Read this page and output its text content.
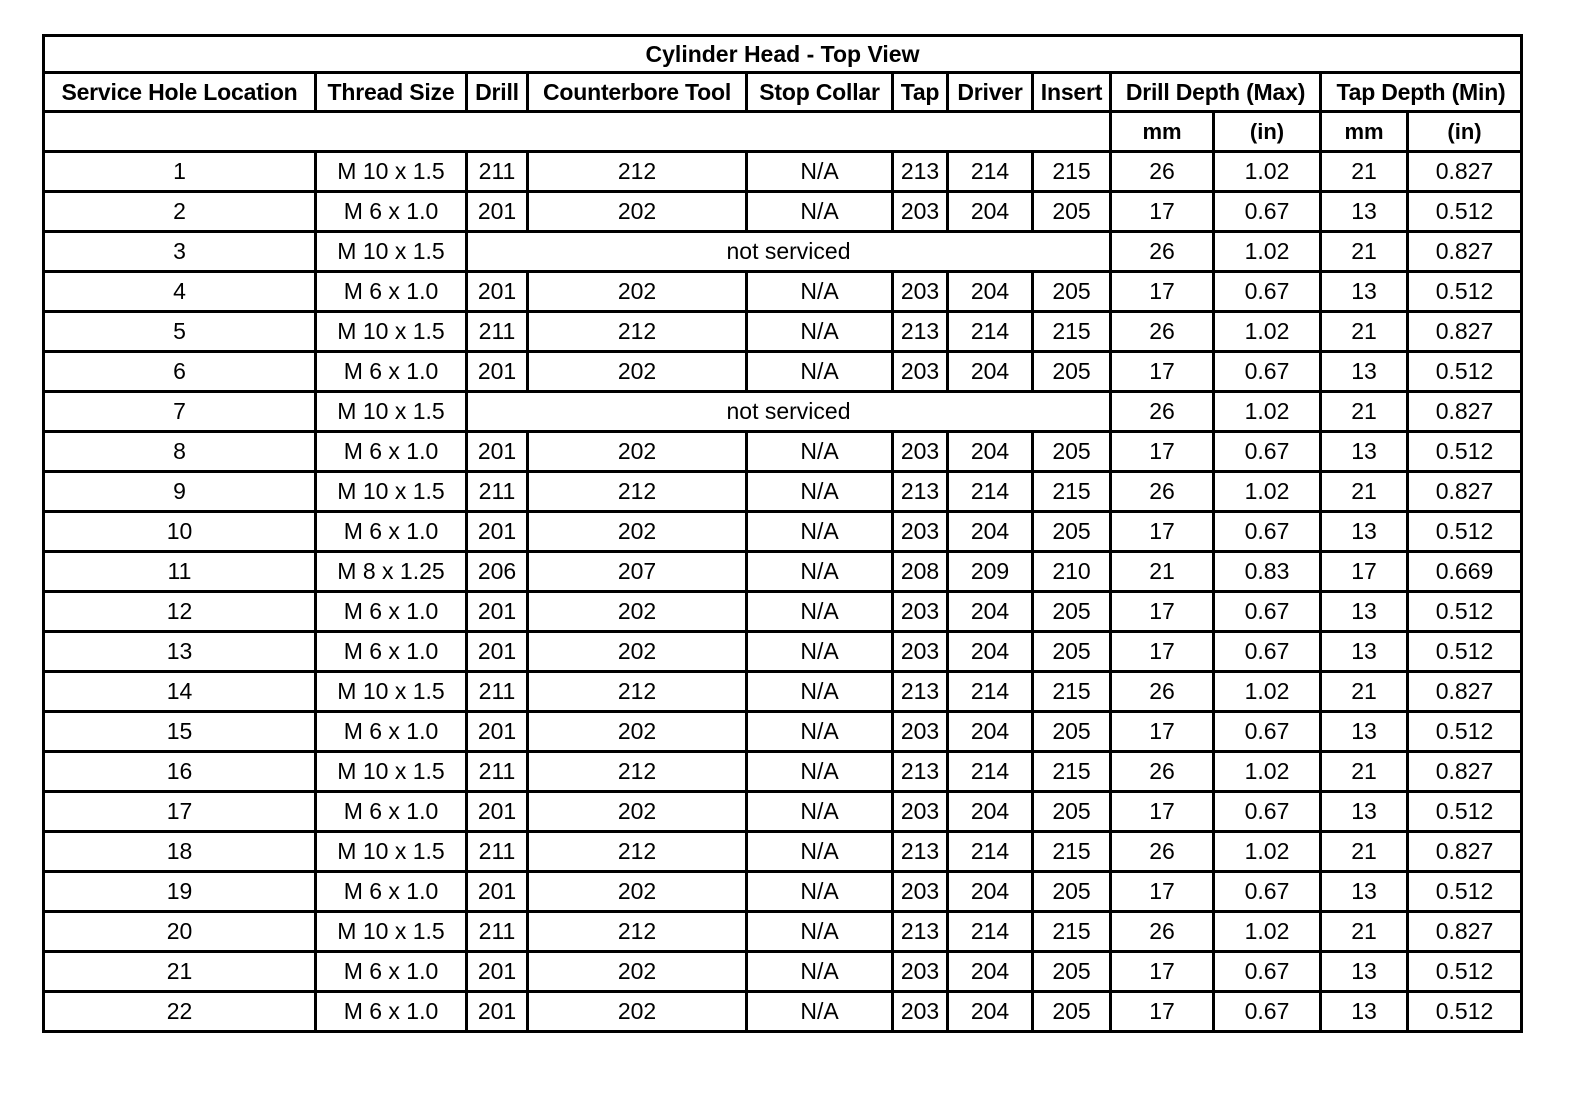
Cylinder Head - Top View											
Service Hole Location	Thread Size	Drill	Counterbore Tool	Stop Collar	Tap	Driver	Insert	Drill Depth (Max)		Tap Depth (Min)	
								mm	(in)	mm	(in)
1	M 10 x 1.5	211	212	N/A	213	214	215	26	1.02	21	0.827
2	M 6 x 1.0	201	202	N/A	203	204	205	17	0.67	13	0.512
3	M 10 x 1.5	not serviced						26	1.02	21	0.827
4	M 6 x 1.0	201	202	N/A	203	204	205	17	0.67	13	0.512
5	M 10 x 1.5	211	212	N/A	213	214	215	26	1.02	21	0.827
6	M 6 x 1.0	201	202	N/A	203	204	205	17	0.67	13	0.512
7	M 10 x 1.5	not serviced						26	1.02	21	0.827
8	M 6 x 1.0	201	202	N/A	203	204	205	17	0.67	13	0.512
9	M 10 x 1.5	211	212	N/A	213	214	215	26	1.02	21	0.827
10	M 6 x 1.0	201	202	N/A	203	204	205	17	0.67	13	0.512
11	M 8 x 1.25	206	207	N/A	208	209	210	21	0.83	17	0.669
12	M 6 x 1.0	201	202	N/A	203	204	205	17	0.67	13	0.512
13	M 6 x 1.0	201	202	N/A	203	204	205	17	0.67	13	0.512
14	M 10 x 1.5	211	212	N/A	213	214	215	26	1.02	21	0.827
15	M 6 x 1.0	201	202	N/A	203	204	205	17	0.67	13	0.512
16	M 10 x 1.5	211	212	N/A	213	214	215	26	1.02	21	0.827
17	M 6 x 1.0	201	202	N/A	203	204	205	17	0.67	13	0.512
18	M 10 x 1.5	211	212	N/A	213	214	215	26	1.02	21	0.827
19	M 6 x 1.0	201	202	N/A	203	204	205	17	0.67	13	0.512
20	M 10 x 1.5	211	212	N/A	213	214	215	26	1.02	21	0.827
21	M 6 x 1.0	201	202	N/A	203	204	205	17	0.67	13	0.512
22	M 6 x 1.0	201	202	N/A	203	204	205	17	0.67	13	0.512
